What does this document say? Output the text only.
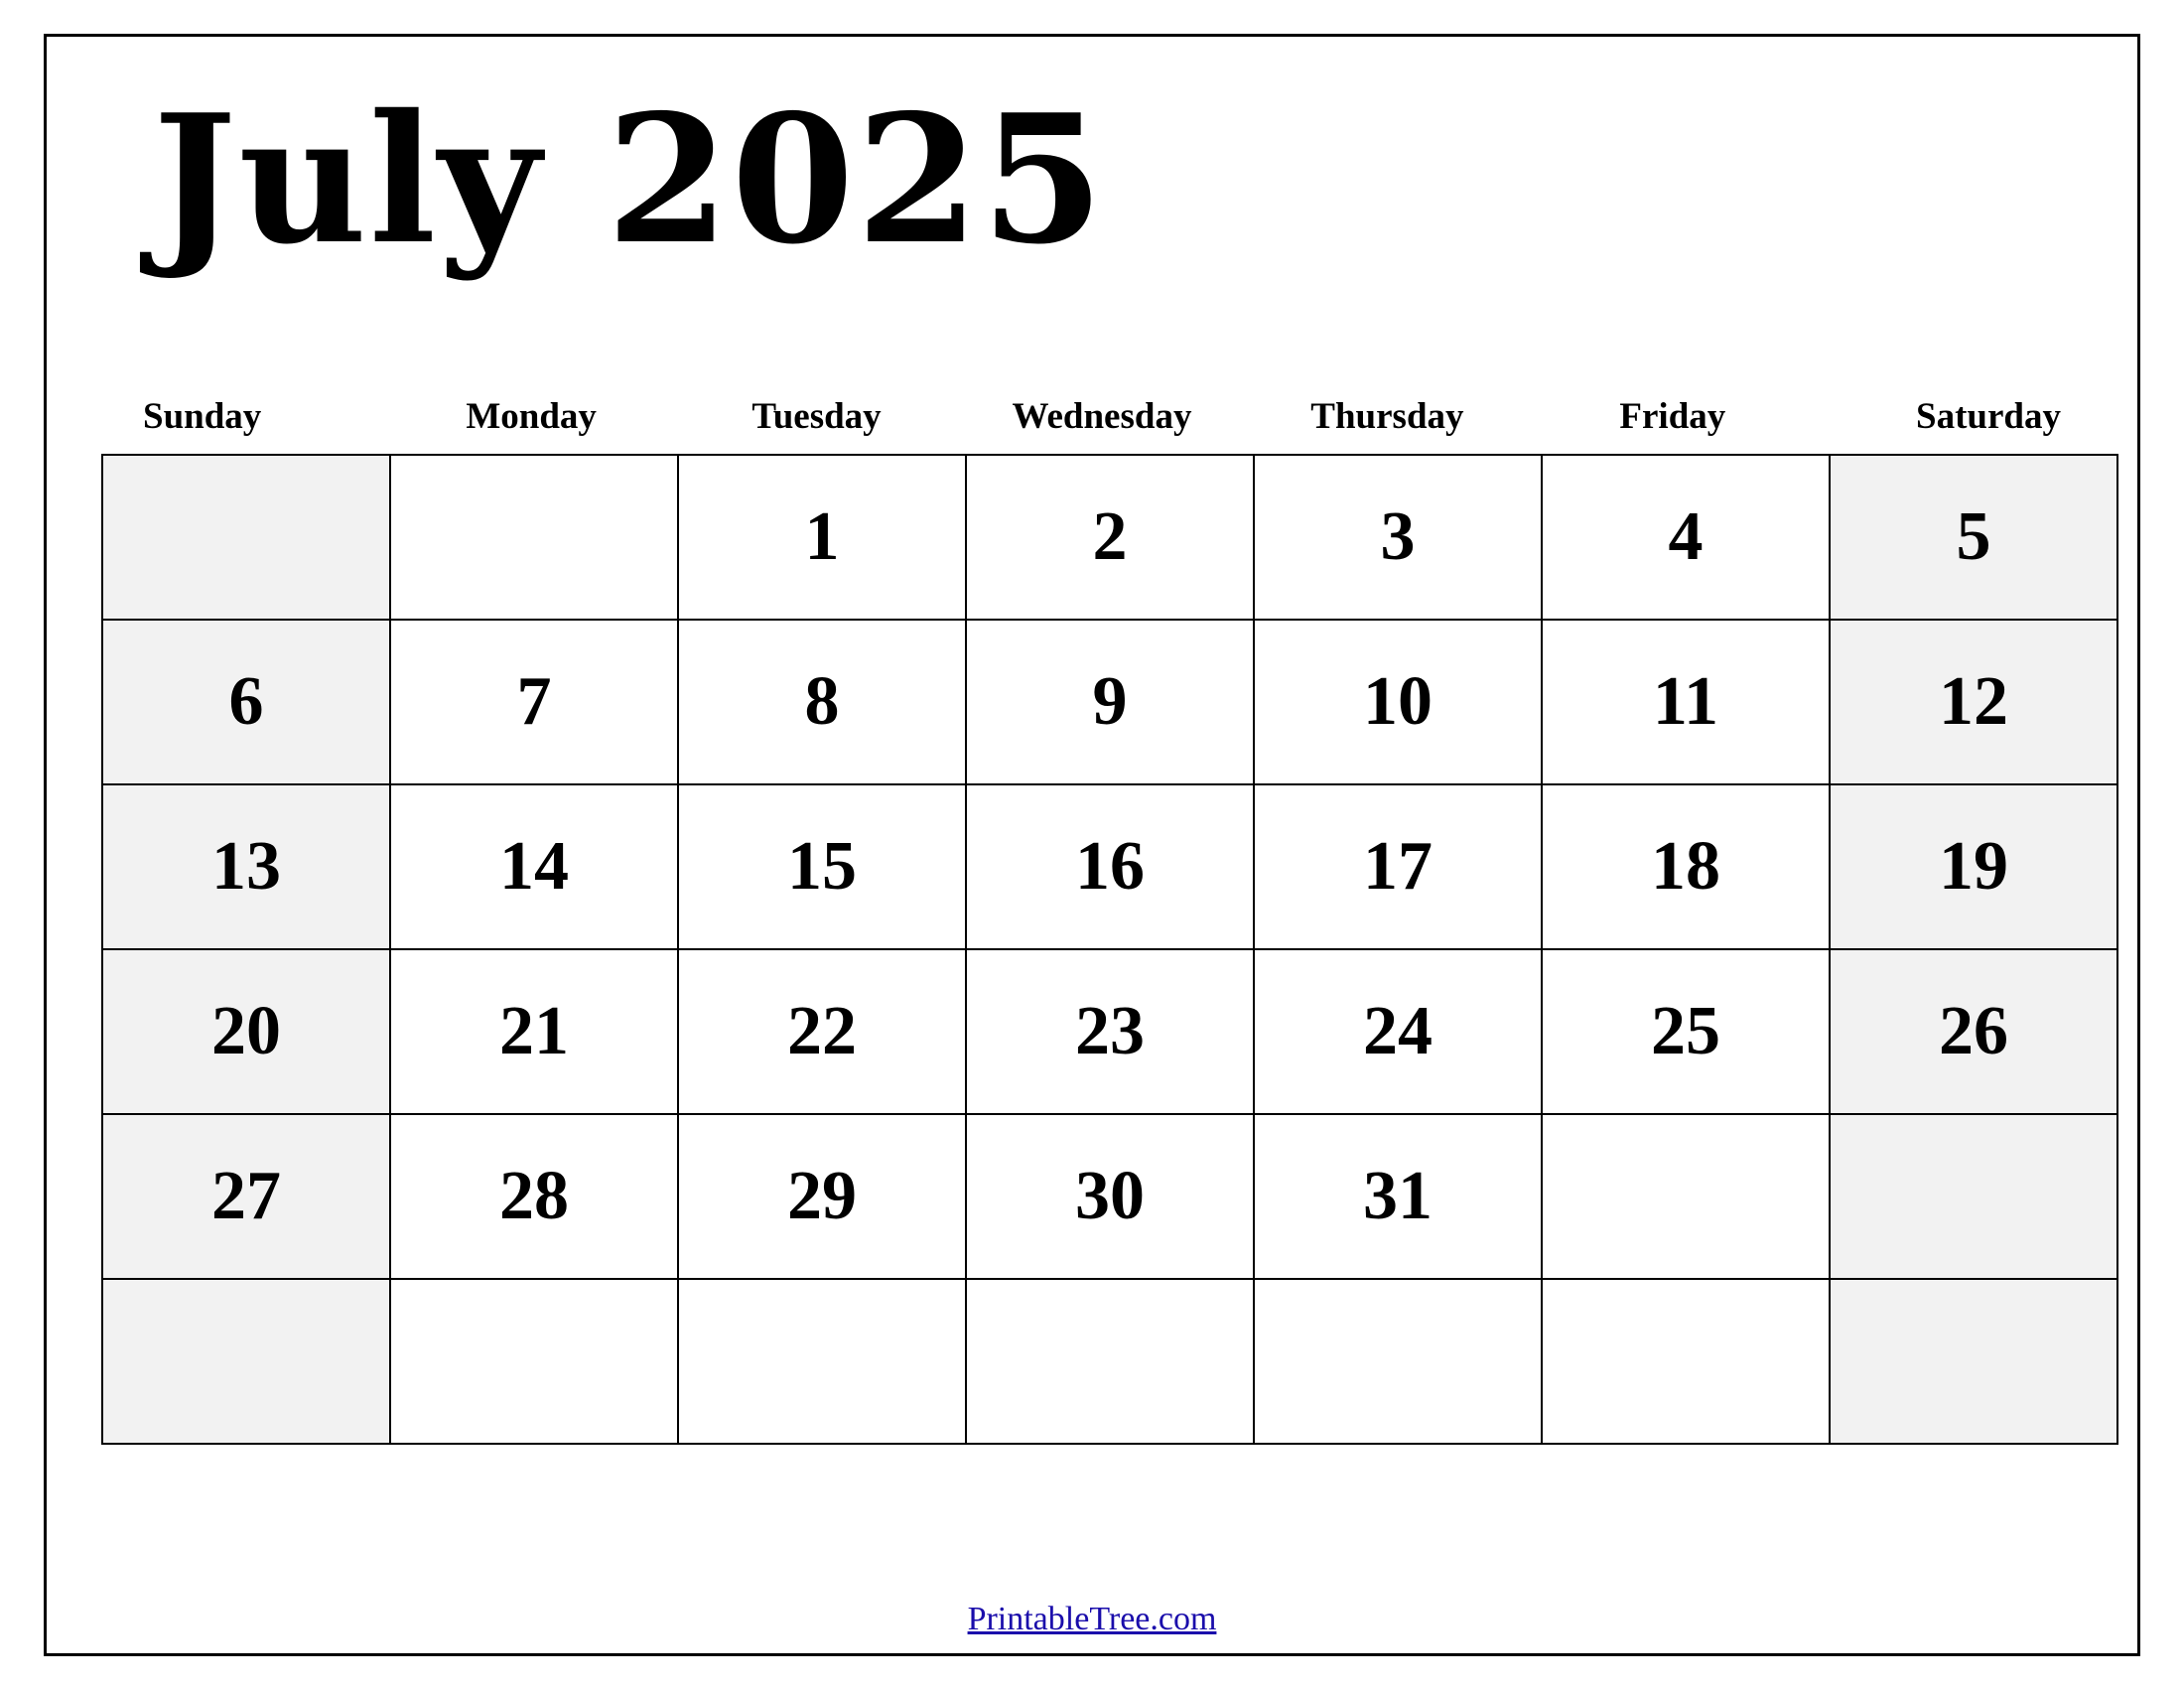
July 2025
Sunday	Monday	Tuesday	Wednesday	Thursday	Friday	Saturday
		1	2	3	4	5
6	7	8	9	10	11	12
13	14	15	16	17	18	19
20	21	22	23	24	25	26
27	28	29	30	31		

PrintableTree.com
